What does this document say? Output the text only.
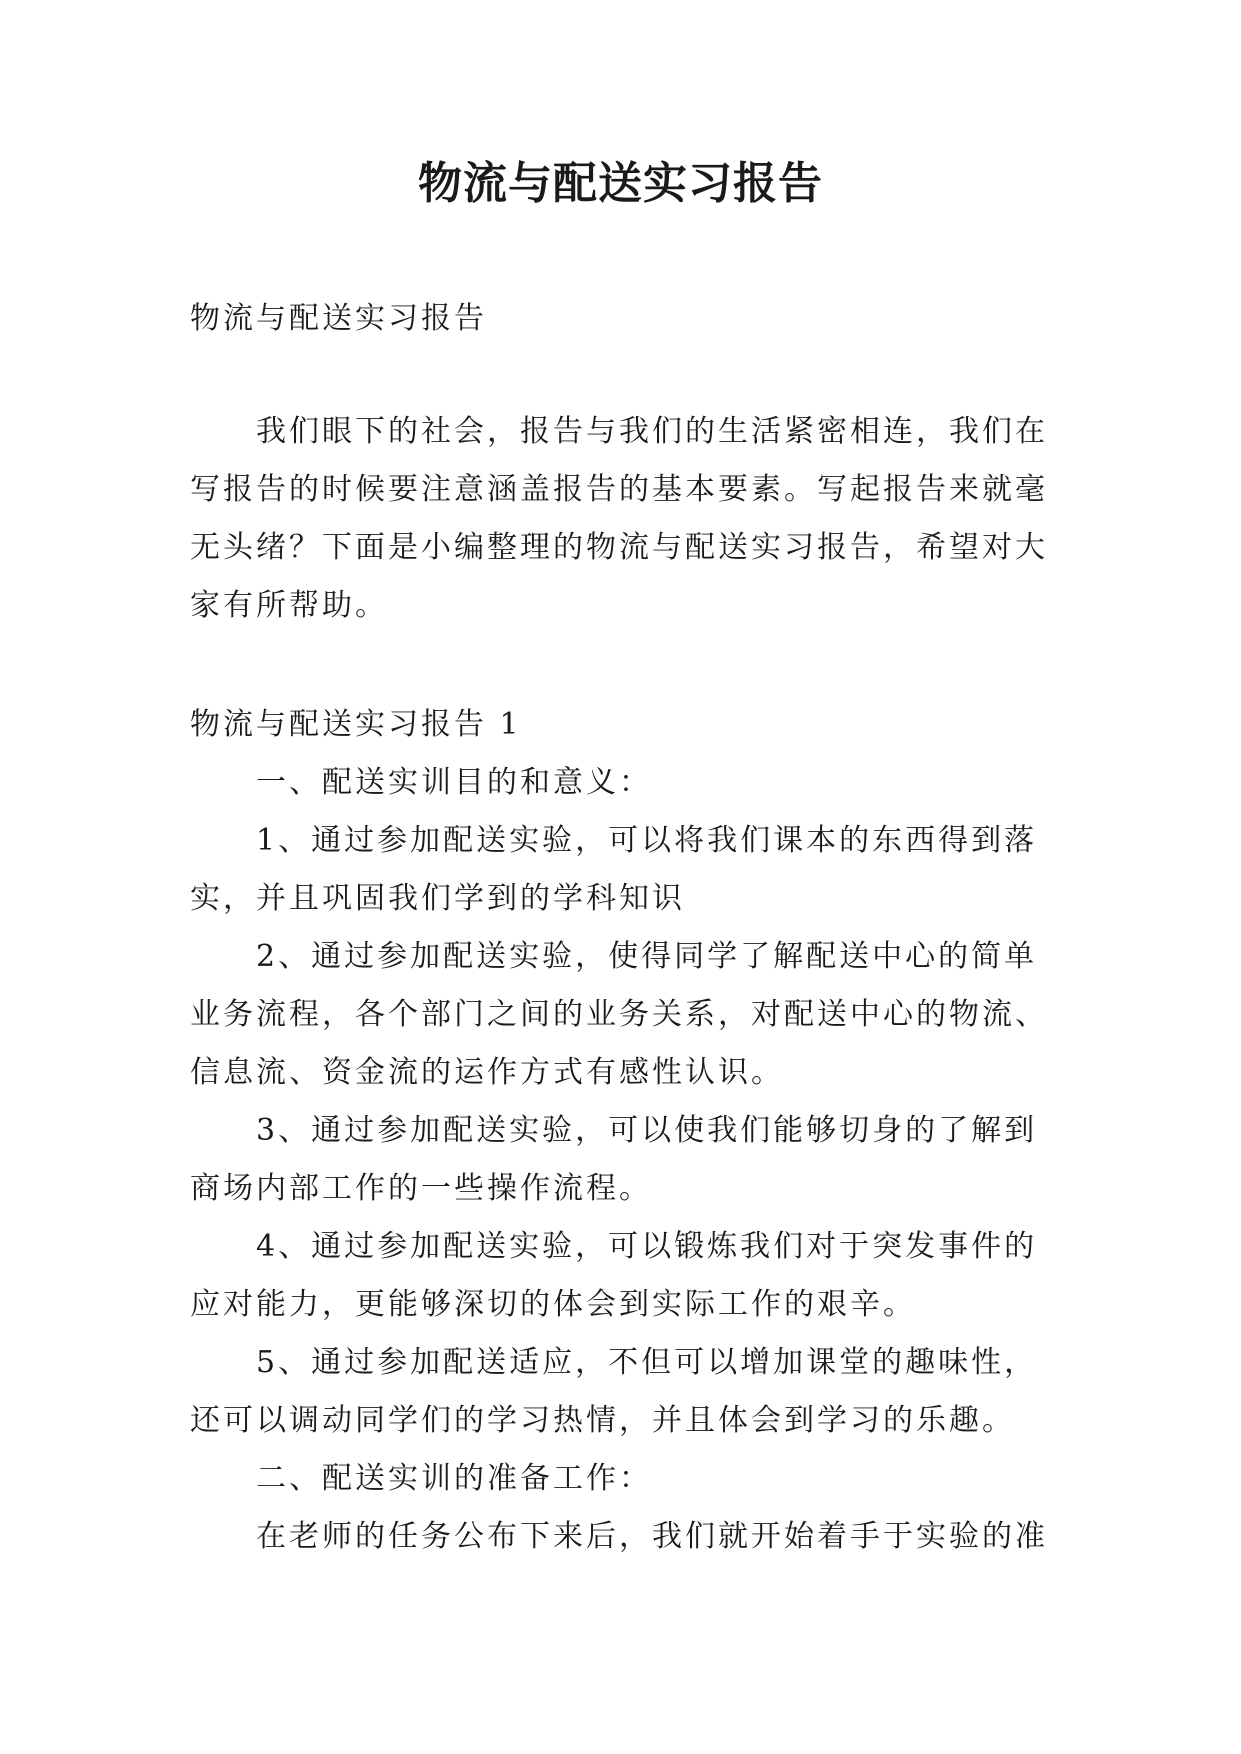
物流与配送实习报告

物流与配送实习报告

我们眼下的社会，报告与我们的生活紧密相连，我们在写报告的时候要注意涵盖报告的基本要素。写起报告来就毫无头绪？下面是小编整理的物流与配送实习报告，希望对大家有所帮助。

物流与配送实习报告 1

一、配送实训目的和意义：

1、通过参加配送实验，可以将我们课本的东西得到落实，并且巩固我们学到的学科知识

2、通过参加配送实验，使得同学了解配送中心的简单业务流程，各个部门之间的业务关系，对配送中心的物流、信息流、资金流的运作方式有感性认识。

3、通过参加配送实验，可以使我们能够切身的了解到商场内部工作的一些操作流程。

4、通过参加配送实验，可以锻炼我们对于突发事件的应对能力，更能够深切的体会到实际工作的艰辛。

5、通过参加配送适应，不但可以增加课堂的趣味性，还可以调动同学们的学习热情，并且体会到学习的乐趣。

二、配送实训的准备工作：

在老师的任务公布下来后，我们就开始着手于实验的准
